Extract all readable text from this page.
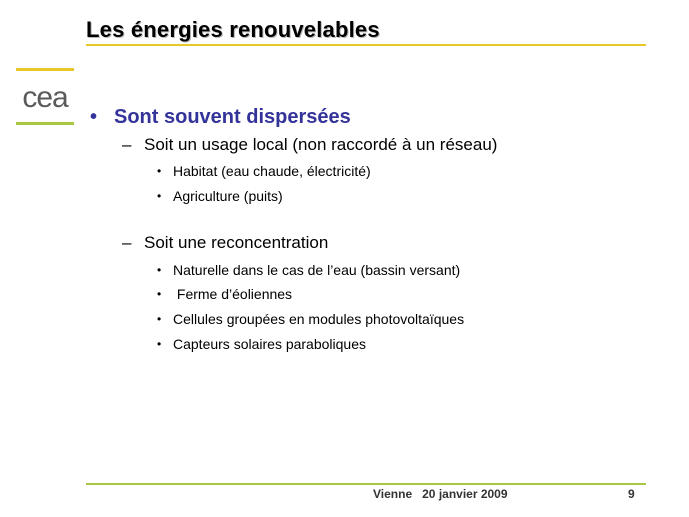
Les énergies renouvelables
cea
• Sont souvent dispersées
– Soit un usage local (non raccordé à un réseau)
• Habitat (eau chaude, électricité)
• Agriculture (puits)
– Soit une reconcentration
• Naturelle dans le cas de l’eau (bassin versant)
• Ferme d’éoliennes
• Cellules groupées en modules photovoltaïques
• Capteurs solaires paraboliques
Vienne   20 janvier 2009	9
